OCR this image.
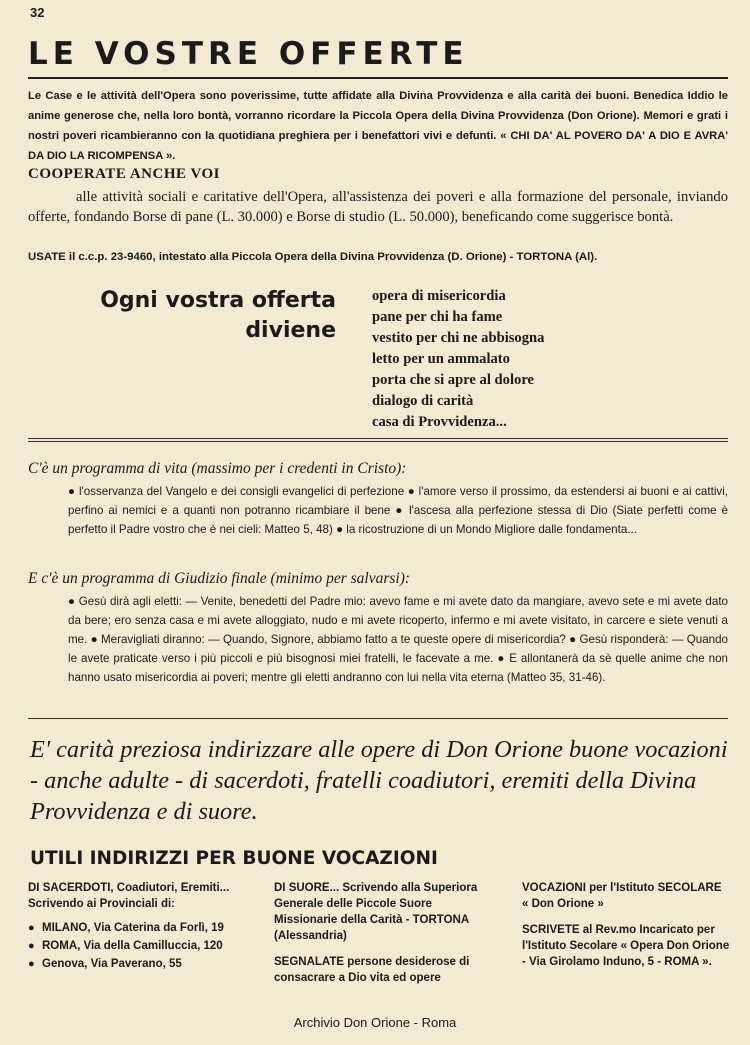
32
LE VOSTRE OFFERTE

Le Case e le attività dell'Opera sono poverissime, tutte affidate alla Divina Provvidenza e alla carità dei buoni. Benedica Iddio le anime generose che, nella loro bontà, vorranno ricordare la Piccola Opera della Divina Provvidenza (Don Orione). Memori e grati i nostri poveri ricambieranno con la quotidiana preghiera per i benefattori vivi e defunti. « CHI DA' AL POVERO DA' A DIO E AVRA' DA DIO LA RICOMPENSA ».

COOPERATE ANCHE VOI

alle attività sociali e caritative dell'Opera, all'assistenza dei poveri e alla formazione del personale, inviando offerte, fondando Borse di pane (L. 30.000) e Borse di studio (L. 50.000), beneficando come suggerisce bontà.

USATE il c.c.p. 23-9460, intestato alla Piccola Opera della Divina Provvidenza (D. Orione) - TORTONA (Al).
Ogni vostra offerta
diviene
opera di misericordia
pane per chi ha fame
vestito per chi ne abbisogna
letto per un ammalato
porta che si apre al dolore
dialogo di carità
casa di Provvidenza...
C'è un programma di vita (massimo per i credenti in Cristo):

● l'osservanza del Vangelo e dei consigli evangelici di perfezione ● l'amore verso il prossimo, da estendersi ai buoni e ai cattivi, perfino ai nemici e a quanti non potranno ricambiare il bene ● l'ascesa alla perfezione stessa di Dio (Siate perfetti come è perfetto il Padre vostro che è nei cieli: Matteo 5, 48) ● la ricostruzione di un Mondo Migliore dalle fondamenta...

E c'è un programma di Giudizio finale (minimo per salvarsi):

● Gesù dirà agli eletti: — Venite, benedetti del Padre mio: avevo fame e mi avete dato da mangiare, avevo sete e mi avete dato da bere; ero senza casa e mi avete alloggiato, nudo e mi avete ricoperto, infermo e mi avete visitato, in carcere e siete venuti a me. ● Meravigliati diranno: — Quando, Signore, abbiamo fatto a te queste opere di misericordia? ● Gesù risponderà: — Quando le avete praticate verso i più piccoli e più bisognosi miei fratelli, le facevate a me. ● E allontanerà da sè quelle anime che non hanno usato misericordia ai poveri; mentre gli eletti andranno con lui nella vita eterna (Matteo 35, 31-46).

E' carità preziosa indirizzare alle opere di Don Orione buone vocazioni - anche adulte - di sacerdoti, fratelli coadiutori, eremiti della Divina Provvidenza e di suore.

UTILI INDIRIZZI PER BUONE VOCAZIONI

DI SACERDOTI, Coadiutori, Eremiti... Scrivendo ai Provinciali di:

● MILANO, Via Caterina da Forlì, 19
● ROMA, Via della Camilluccia, 120
● Genova, Via Paverano, 55

DI SUORE... Scrivendo alla Superiora Generale delle Piccole Suore Missionarie della Carità - TORTONA (Alessandria)

SEGNALATE persone desiderose di consacrare a Dio vita ed opere

VOCAZIONI per l'Istituto SECOLARE « Don Orione »

SCRIVETE al Rev.mo Incaricato per l'Istituto Secolare « Opera Don Orione - Via Girolamo Induno, 5 - ROMA ».

Archivio Don Orione - Roma
